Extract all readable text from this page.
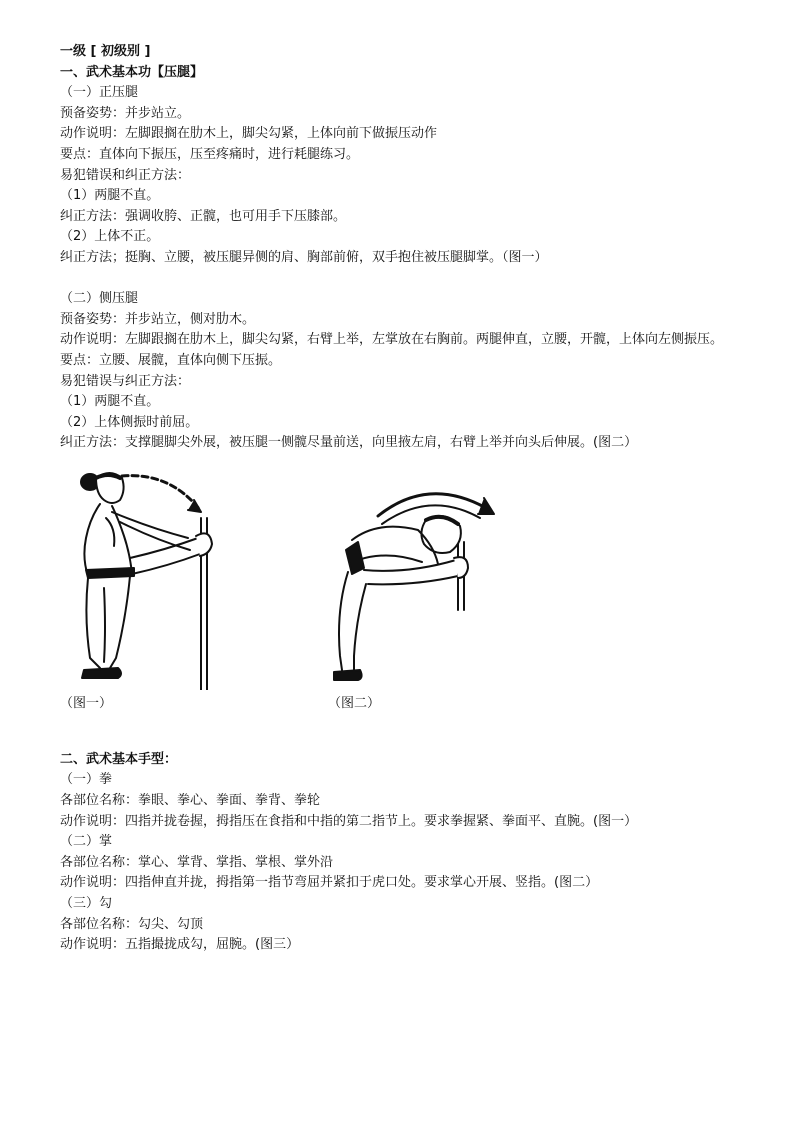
一级 [ 初级别 ]
一、武术基本功【压腿】
（一）正压腿
预备姿势：并步站立。
动作说明：左脚跟搁在肋木上，脚尖勾紧，上体向前下做振压动作
要点：直体向下振压，压至疼痛时，进行耗腿练习。
易犯错误和纠正方法：
（1）两腿不直。
纠正方法：强调收胯、正髋，也可用手下压膝部。
（2）上体不正。
纠正方法；挺胸、立腰，被压腿异侧的肩、胸部前俯，双手抱住被压腿脚掌。（图一）
（二）侧压腿
预备姿势：并步站立，侧对肋木。
动作说明：左脚跟搁在肋木上，脚尖勾紧，右臂上举，左掌放在右胸前。两腿伸直，立腰，开髋，上体向左侧振压。
要点：立腰、展髋，直体向侧下压振。
易犯错误与纠正方法：
（1）两腿不直。
（2）上体侧振时前屈。
纠正方法：支撑腿脚尖外展，被压腿一侧髋尽量前送，向里掖左肩，右臂上举并向头后伸展。(图二）
（图一）	（图二）
二、武术基本手型：
（一）拳
各部位名称：拳眼、拳心、拳面、拳背、拳轮
动作说明：四指并拢卷握，拇指压在食指和中指的第二指节上。要求拳握紧、拳面平、直腕。(图一）
（二）掌
各部位名称：掌心、掌背、掌指、掌根、掌外沿
动作说明：四指伸直并拢，拇指第一指节弯屈并紧扣于虎口处。要求掌心开展、竖指。(图二）
（三）勾
各部位名称：勾尖、勾顶
动作说明：五指撮拢成勾，屈腕。(图三）
